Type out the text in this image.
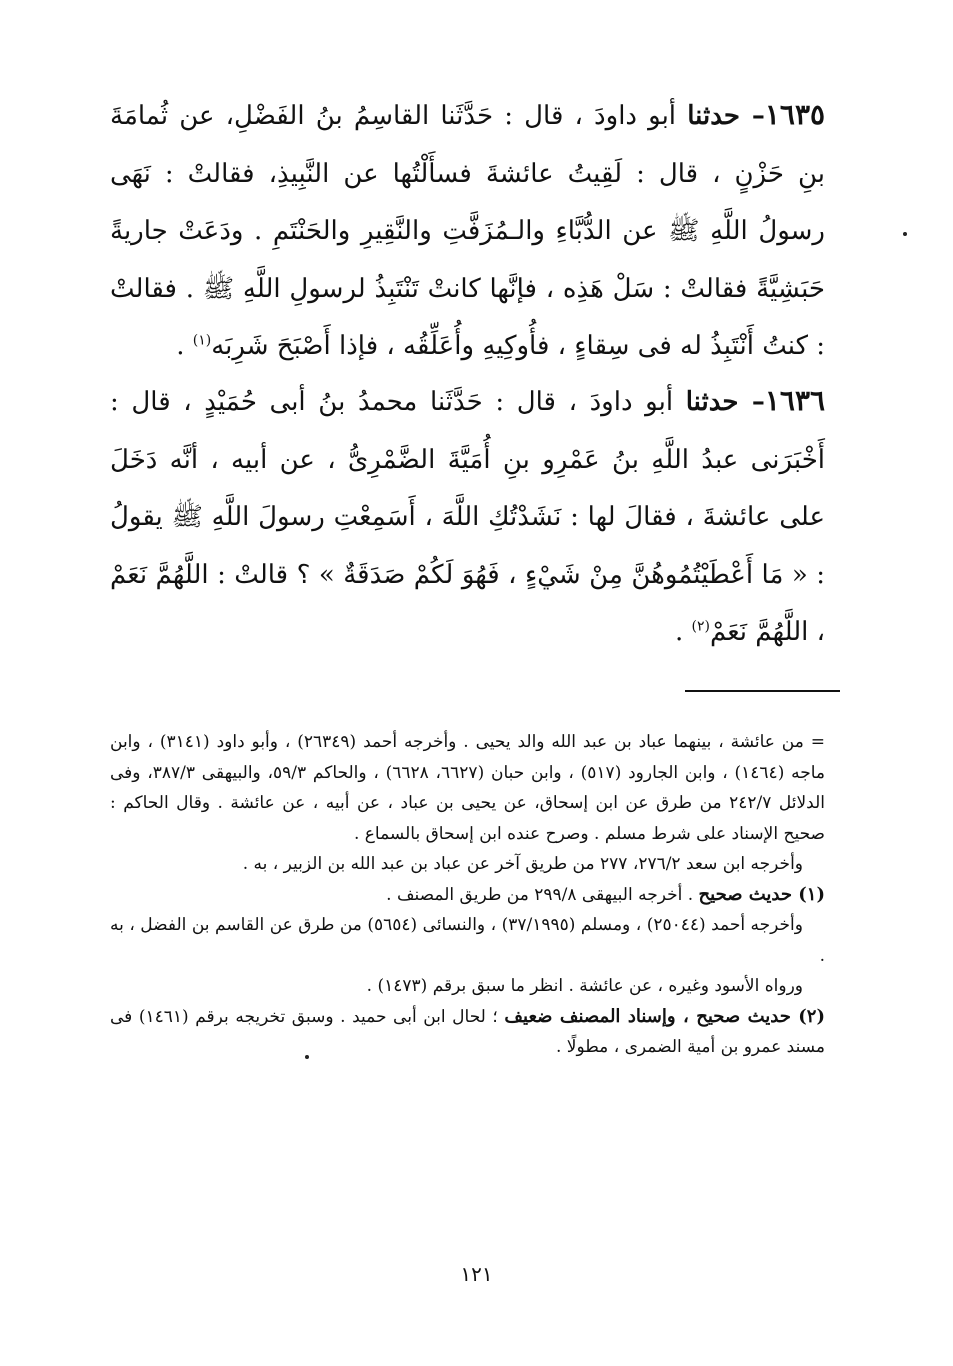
١٦٣٥– حدثنا أبو داودَ ، قال : حَدَّثَنا القاسِمُ بنُ الفَضْلِ، عن ثُمامَةَ بنِ حَزْنٍ ، قال : لَقِيتُ عائشةَ فسأَلْتُها عن النَّبِيذِ، فقالتْ : نَهَى رسولُ اللَّهِ ﷺ عن الدُّبَّاءِ والـمُزَفَّتِ والنَّقِيرِ والحَنْتَمِ . ودَعَتْ جاريةً حَبَشِيَّةً فقالتْ : سَلْ هَذِه ، فإنَّها كانتْ تَنْتَبِذُ لرسولِ اللَّهِ ﷺ . فقالتْ : كنتُ أَنْتَبِذُ له فى سِقاءٍ ، فأُوكِيهِ وأُعَلِّقُه ، فإذا أَصْبَحَ شَرِبَه$^{(١)}$ .
١٦٣٦– حدثنا أبو داودَ ، قال : حَدَّثَنا محمدُ بنُ أبى حُمَيْدٍ ، قال : أَخْبَرَنى عبدُ اللَّهِ بنُ عَمْرِو بنِ أُمَيَّةَ الضَّمْرِىُّ ، عن أبيه ، أنَّه دَخَلَ على عائشةَ ، فقالَ لها : نَشَدْتُكِ اللَّهَ ، أَسَمِعْتِ رسولَ اللَّهِ ﷺ يقولُ : « مَا أَعْطَيْتُمُوهُنَّ مِنْ شَيْءٍ ، فَهُوَ لَكُمْ صَدَقَةٌ » ؟ قالتْ : اللَّهُمَّ نَعَمْ ، اللَّهُمَّ نَعَمْ$^{(٢)}$ .

= من عائشة ، بينهما عباد بن عبد الله والد يحيى . وأخرجه أحمد (٢٦٣٤٩) ، وأبو داود (٣١٤١) ، وابن ماجه (١٤٦٤) ، وابن الجارود (٥١٧) ، وابن حبان (٦٦٢٧، ٦٦٢٨) ، والحاكم ٥٩/٣، والبيهقى ٣٨٧/٣، وفى الدلائل ٢٤٢/٧ من طرق عن ابن إسحاق، عن يحيى بن عباد ، عن أبيه ، عن عائشة . وقال الحاكم : صحيح الإسناد على شرط مسلم . وصرح عنده ابن إسحاق بالسماع .

وأخرجه ابن سعد ٢٧٦/٢، ٢٧٧ من طريق آخر عن عباد بن عبد الله بن الزبير ، به .

(١) حديث صحيح . أخرجه البيهقى ٢٩٩/٨ من طريق المصنف .

وأخرجه أحمد (٢٥٠٤٤) ، ومسلم (٣٧/١٩٩٥) ، والنسائى (٥٦٥٤) من طرق عن القاسم بن الفضل ، به .

ورواه الأسود وغيره ، عن عائشة . انظر ما سبق برقم (١٤٧٣) .

(٢) حديث صحيح ، وإسناد المصنف ضعيف ؛ لحال ابن أبى حميد . وسبق تخريجه برقم (١٤٦١) فى مسند عمرو بن أمية الضمرى ، مطولًا .

١٢١
